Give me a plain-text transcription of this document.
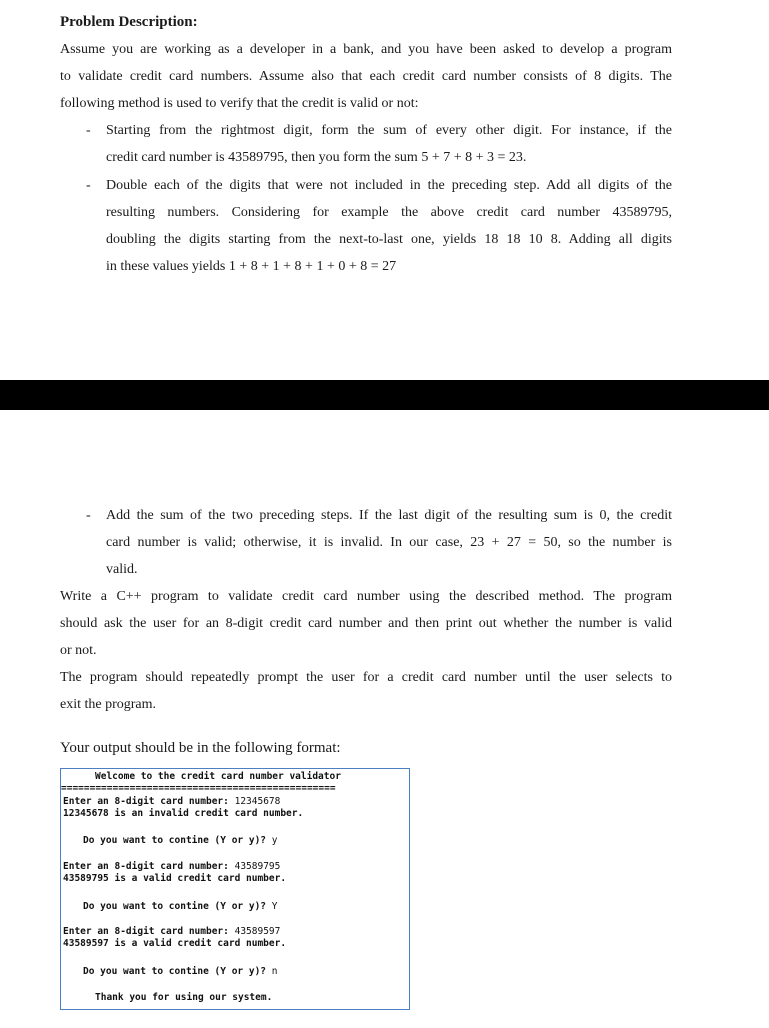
Problem Description:
Assume you are working as a developer in a bank, and you have been asked to develop a program
to validate credit card numbers. Assume also that each credit card number consists of 8 digits. The
following method is used to verify that the credit is valid or not:
-	Starting from the rightmost digit, form the sum of every other digit. For instance, if the
credit card number is 43589795, then you form the sum 5 + 7 + 8 + 3 = 23.
-	Double each of the digits that were not included in the preceding step. Add all digits of the
resulting numbers. Considering for example the above credit card number 43589795,
doubling the digits starting from the next-to-last one, yields 18 18 10 8. Adding all digits
in these values yields 1 + 8 + 1 + 8 + 1 + 0 + 8 = 27
-	Add the sum of the two preceding steps. If the last digit of the resulting sum is 0, the credit
card number is valid; otherwise, it is invalid. In our case, 23 + 27 = 50, so the number is
valid.
Write a C++ program to validate credit card number using the described method. The program
should ask the user for an 8-digit credit card number and then print out whether the number is valid
or not.
The program should repeatedly prompt the user for a credit card number until the user selects to
exit the program.
Your output should be in the following format:
Welcome to the credit card number validator
================================================
Enter an 8-digit card number: 12345678
12345678 is an invalid credit card number.
Do you want to contine (Y or y)? y
Enter an 8-digit card number: 43589795
43589795 is a valid credit card number.
Do you want to contine (Y or y)? Y
Enter an 8-digit card number: 43589597
43589597 is a valid credit card number.
Do you want to contine (Y or y)? n
Thank you for using our system.
